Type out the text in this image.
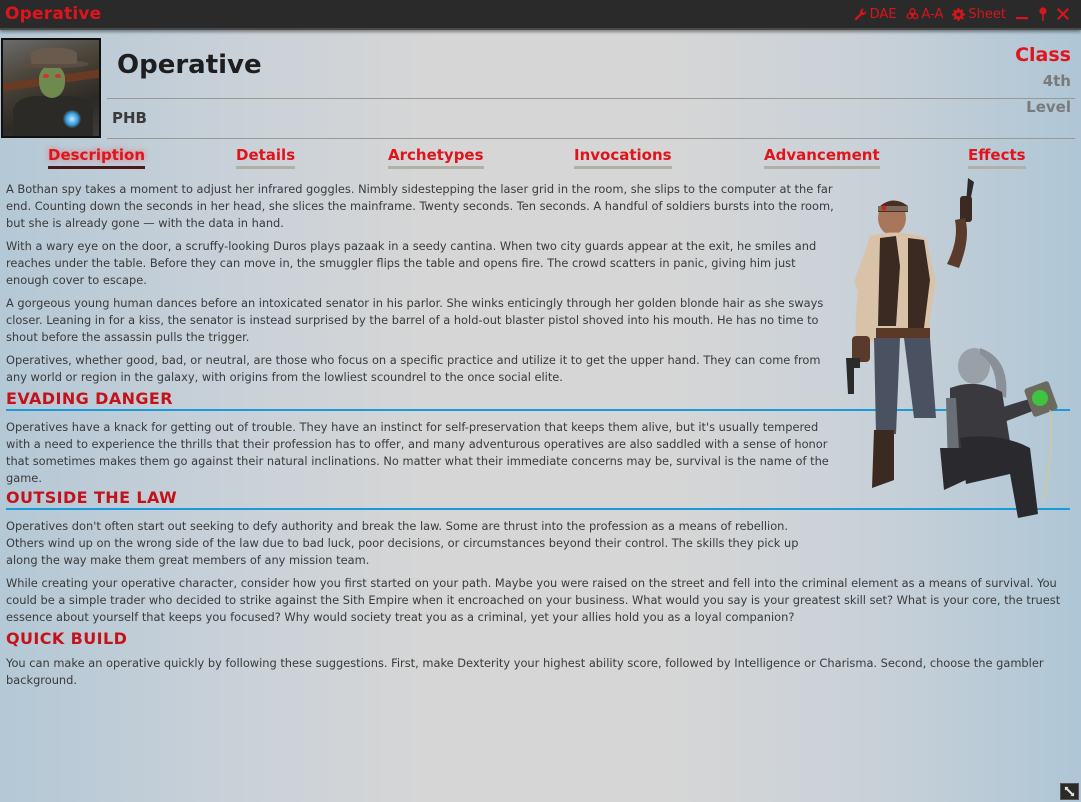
Operative	DAE A-A Sheet
Operative
PHB
Class
4th
Level
Description	Details	Archetypes	Invocations	Advancement	Effects

A Bothan spy takes a moment to adjust her infrared goggles. Nimbly sidestepping the laser grid in the room, she slips to the computer at the far end. Counting down the seconds in her head, she slices the mainframe. Twenty seconds. Ten seconds. A handful of soldiers bursts into the room, but she is already gone — with the data in hand.

With a wary eye on the door, a scruffy-looking Duros plays pazaak in a seedy cantina. When two city guards appear at the exit, he smiles and reaches under the table. Before they can move in, the smuggler flips the table and opens fire. The crowd scatters in panic, giving him just enough cover to escape.

A gorgeous young human dances before an intoxicated senator in his parlor. She winks enticingly through her golden blonde hair as she sways closer. Leaning in for a kiss, the senator is instead surprised by the barrel of a hold-out blaster pistol shoved into his mouth. He has no time to shout before the assassin pulls the trigger.

Operatives, whether good, bad, or neutral, are those who focus on a specific practice and utilize it to get the upper hand. They can come from any world or region in the galaxy, with origins from the lowliest scoundrel to the once social elite.

EVADING DANGER

Operatives have a knack for getting out of trouble. They have an instinct for self-preservation that keeps them alive, but it's usually tempered with a need to experience the thrills that their profession has to offer, and many adventurous operatives are also saddled with a sense of honor that sometimes makes them go against their natural inclinations. No matter what their immediate concerns may be, survival is the name of the game.

OUTSIDE THE LAW

Operatives don't often start out seeking to defy authority and break the law. Some are thrust into the profession as a means of rebellion. Others wind up on the wrong side of the law due to bad luck, poor decisions, or circumstances beyond their control. The skills they pick up along the way make them great members of any mission team.

While creating your operative character, consider how you first started on your path. Maybe you were raised on the street and fell into the criminal element as a means of survival. You could be a simple trader who decided to strike against the Sith Empire when it encroached on your business. What would you say is your greatest skill set? What is your core, the truest essence about yourself that keeps you focused? Why would society treat you as a criminal, yet your allies hold you as a loyal companion?

QUICK BUILD

You can make an operative quickly by following these suggestions. First, make Dexterity your highest ability score, followed by Intelligence or Charisma. Second, choose the gambler background.
